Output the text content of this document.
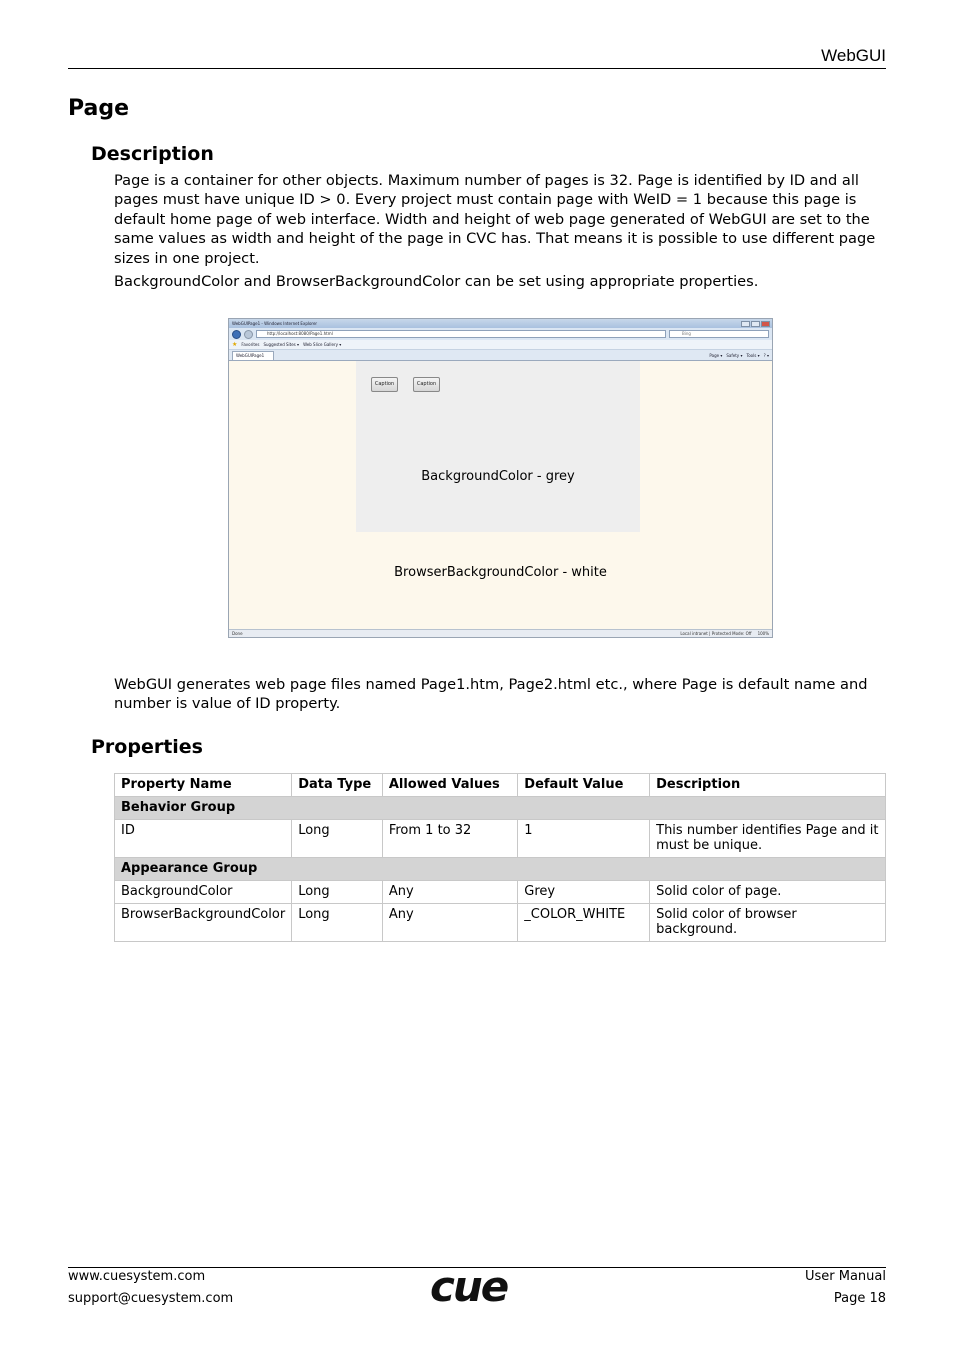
WebGUI
Page
Description
Page is a container for other objects. Maximum number of pages is 32. Page is identified by ID and all pages must have unique ID > 0. Every project must contain page with WeID = 1 because this page is default home page of web interface. Width and height of web page generated of WebGUI are set to the same values as width and height of the page in CVC has. That means it is possible to use different page sizes in one project.
BackgroundColor and BrowserBackgroundColor can be set using appropriate properties.
WebGUIPage1 - Windows Internet Explorer
http://localhost:8080/Page1.html	Bing
★ Favorites Suggested Sites ▾ Web Slice Gallery ▾
WebGUIPage1	Page ▾ Safety ▾ Tools ▾ ? ▾
Caption	Caption
BackgroundColor - grey
BrowserBackgroundColor - white
Done	Local intranet | Protected Mode: Off 100%
WebGUI generates web page files named Page1.htm, Page2.html etc., where Page is default name and number is value of ID property.
Properties
Property Name	Data Type	Allowed Values	Default Value	Description
Behavior Group				
ID	Long	From 1 to 32	1	This number identifies Page and it must be unique.
Appearance Group				
BackgroundColor	Long	Any	Grey	Solid color of page.
BrowserBackgroundColor	Long	Any	_COLOR_WHITE	Solid color of browser background.
www.cuesystem.com
support@cuesystem.com	cue	User Manual
Page 18
